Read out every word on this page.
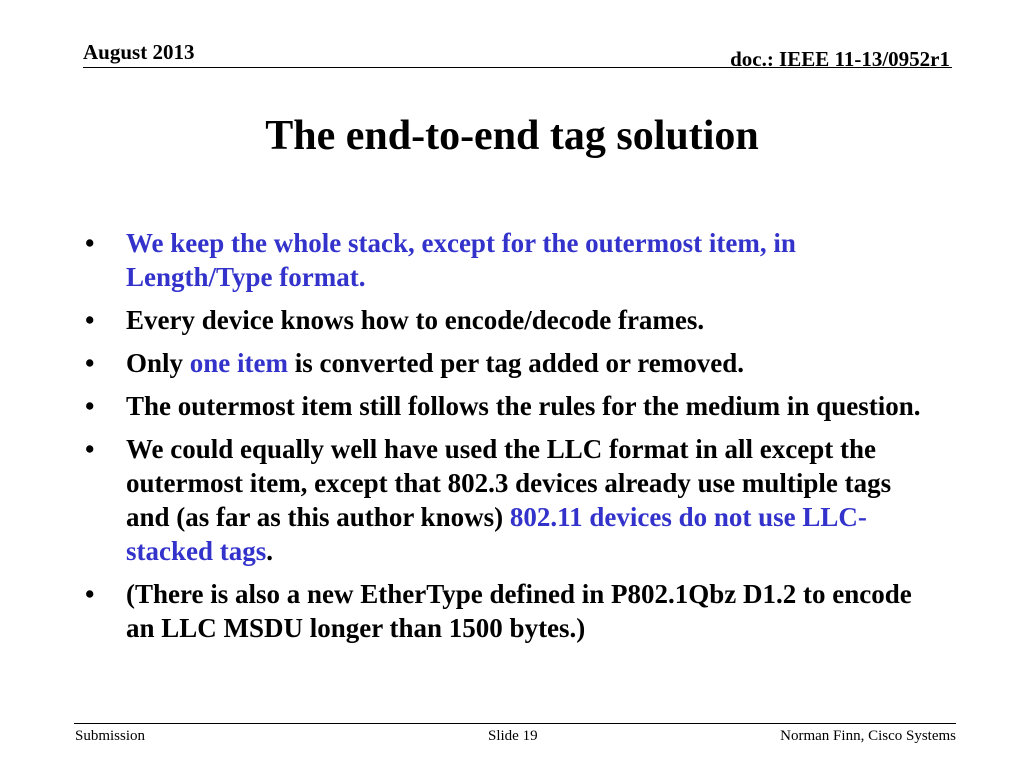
August 2013	doc.: IEEE 11-13/0952r1
The end-to-end tag solution
•	We keep the whole stack, except for the outermost item, in Length/Type format.
•	Every device knows how to encode/decode frames.
•	Only one item is converted per tag added or removed.
•	The outermost item still follows the rules for the medium in question.
•	We could equally well have used the LLC format in all except the outermost item, except that 802.3 devices already use multiple tags and (as far as this author knows) 802.11 devices do not use LLC-stacked tags.
•	(There is also a new EtherType defined in P802.1Qbz D1.2 to encode an LLC MSDU longer than 1500 bytes.)
Submission	Slide 19	Norman Finn, Cisco Systems
